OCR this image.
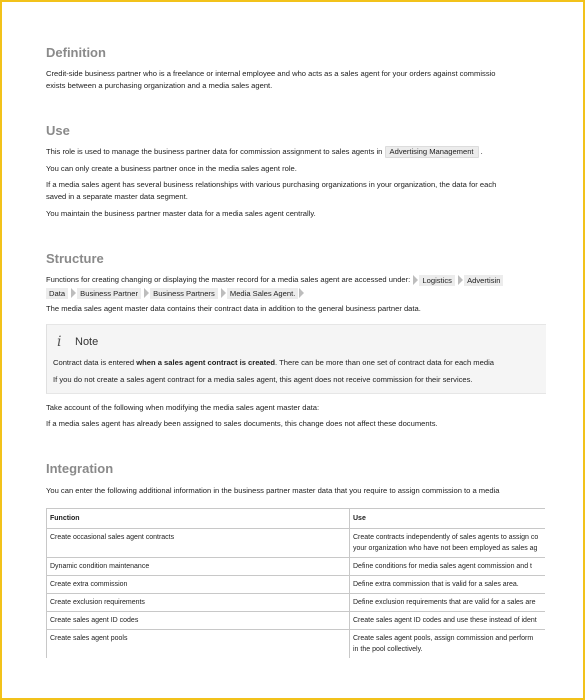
Definition
Credit-side business partner who is a freelance or internal employee and who acts as a sales agent for your orders against commissio
exists between a purchasing organization and a media sales agent.
Use
This role is used to manage the business partner data for commission assignment to sales agents in Advertising Management .
You can only create a business partner once in the media sales agent role.
If a media sales agent has several business relationships with various purchasing organizations in your organization, the data for each
saved in a separate master data segment.
You maintain the business partner master data for a media sales agent centrally.
Structure
Functions for creating changing or displaying the master record for a media sales agent are accessed under: Logistics Advertisin
Data Business Partner Business Partners Media Sales Agent.
The media sales agent master data contains their contract data in addition to the general business partner data.
i Note
Contract data is entered when a sales agent contract is created. There can be more than one set of contract data for each media
If you do not create a sales agent contract for a media sales agent, this agent does not receive commission for their services.
Take account of the following when modifying the media sales agent master data:
If a media sales agent has already been assigned to sales documents, this change does not affect these documents.
Integration
You can enter the following additional information in the business partner master data that you require to assign commission to a media
Function	Use
Create occasional sales agent contracts	Create contracts independently of sales agents to assign co
your organization who have not been employed as sales ag

Dynamic condition maintenance	Define conditions for media sales agent commission and t
Create extra commission	Define extra commission that is valid for a sales area.
Create exclusion requirements	Define exclusion requirements that are valid for a sales are
Create sales agent ID codes	Create sales agent ID codes and use these instead of ident
Create sales agent pools	Create sales agent pools, assign commission and perform
in the pool collectively.
